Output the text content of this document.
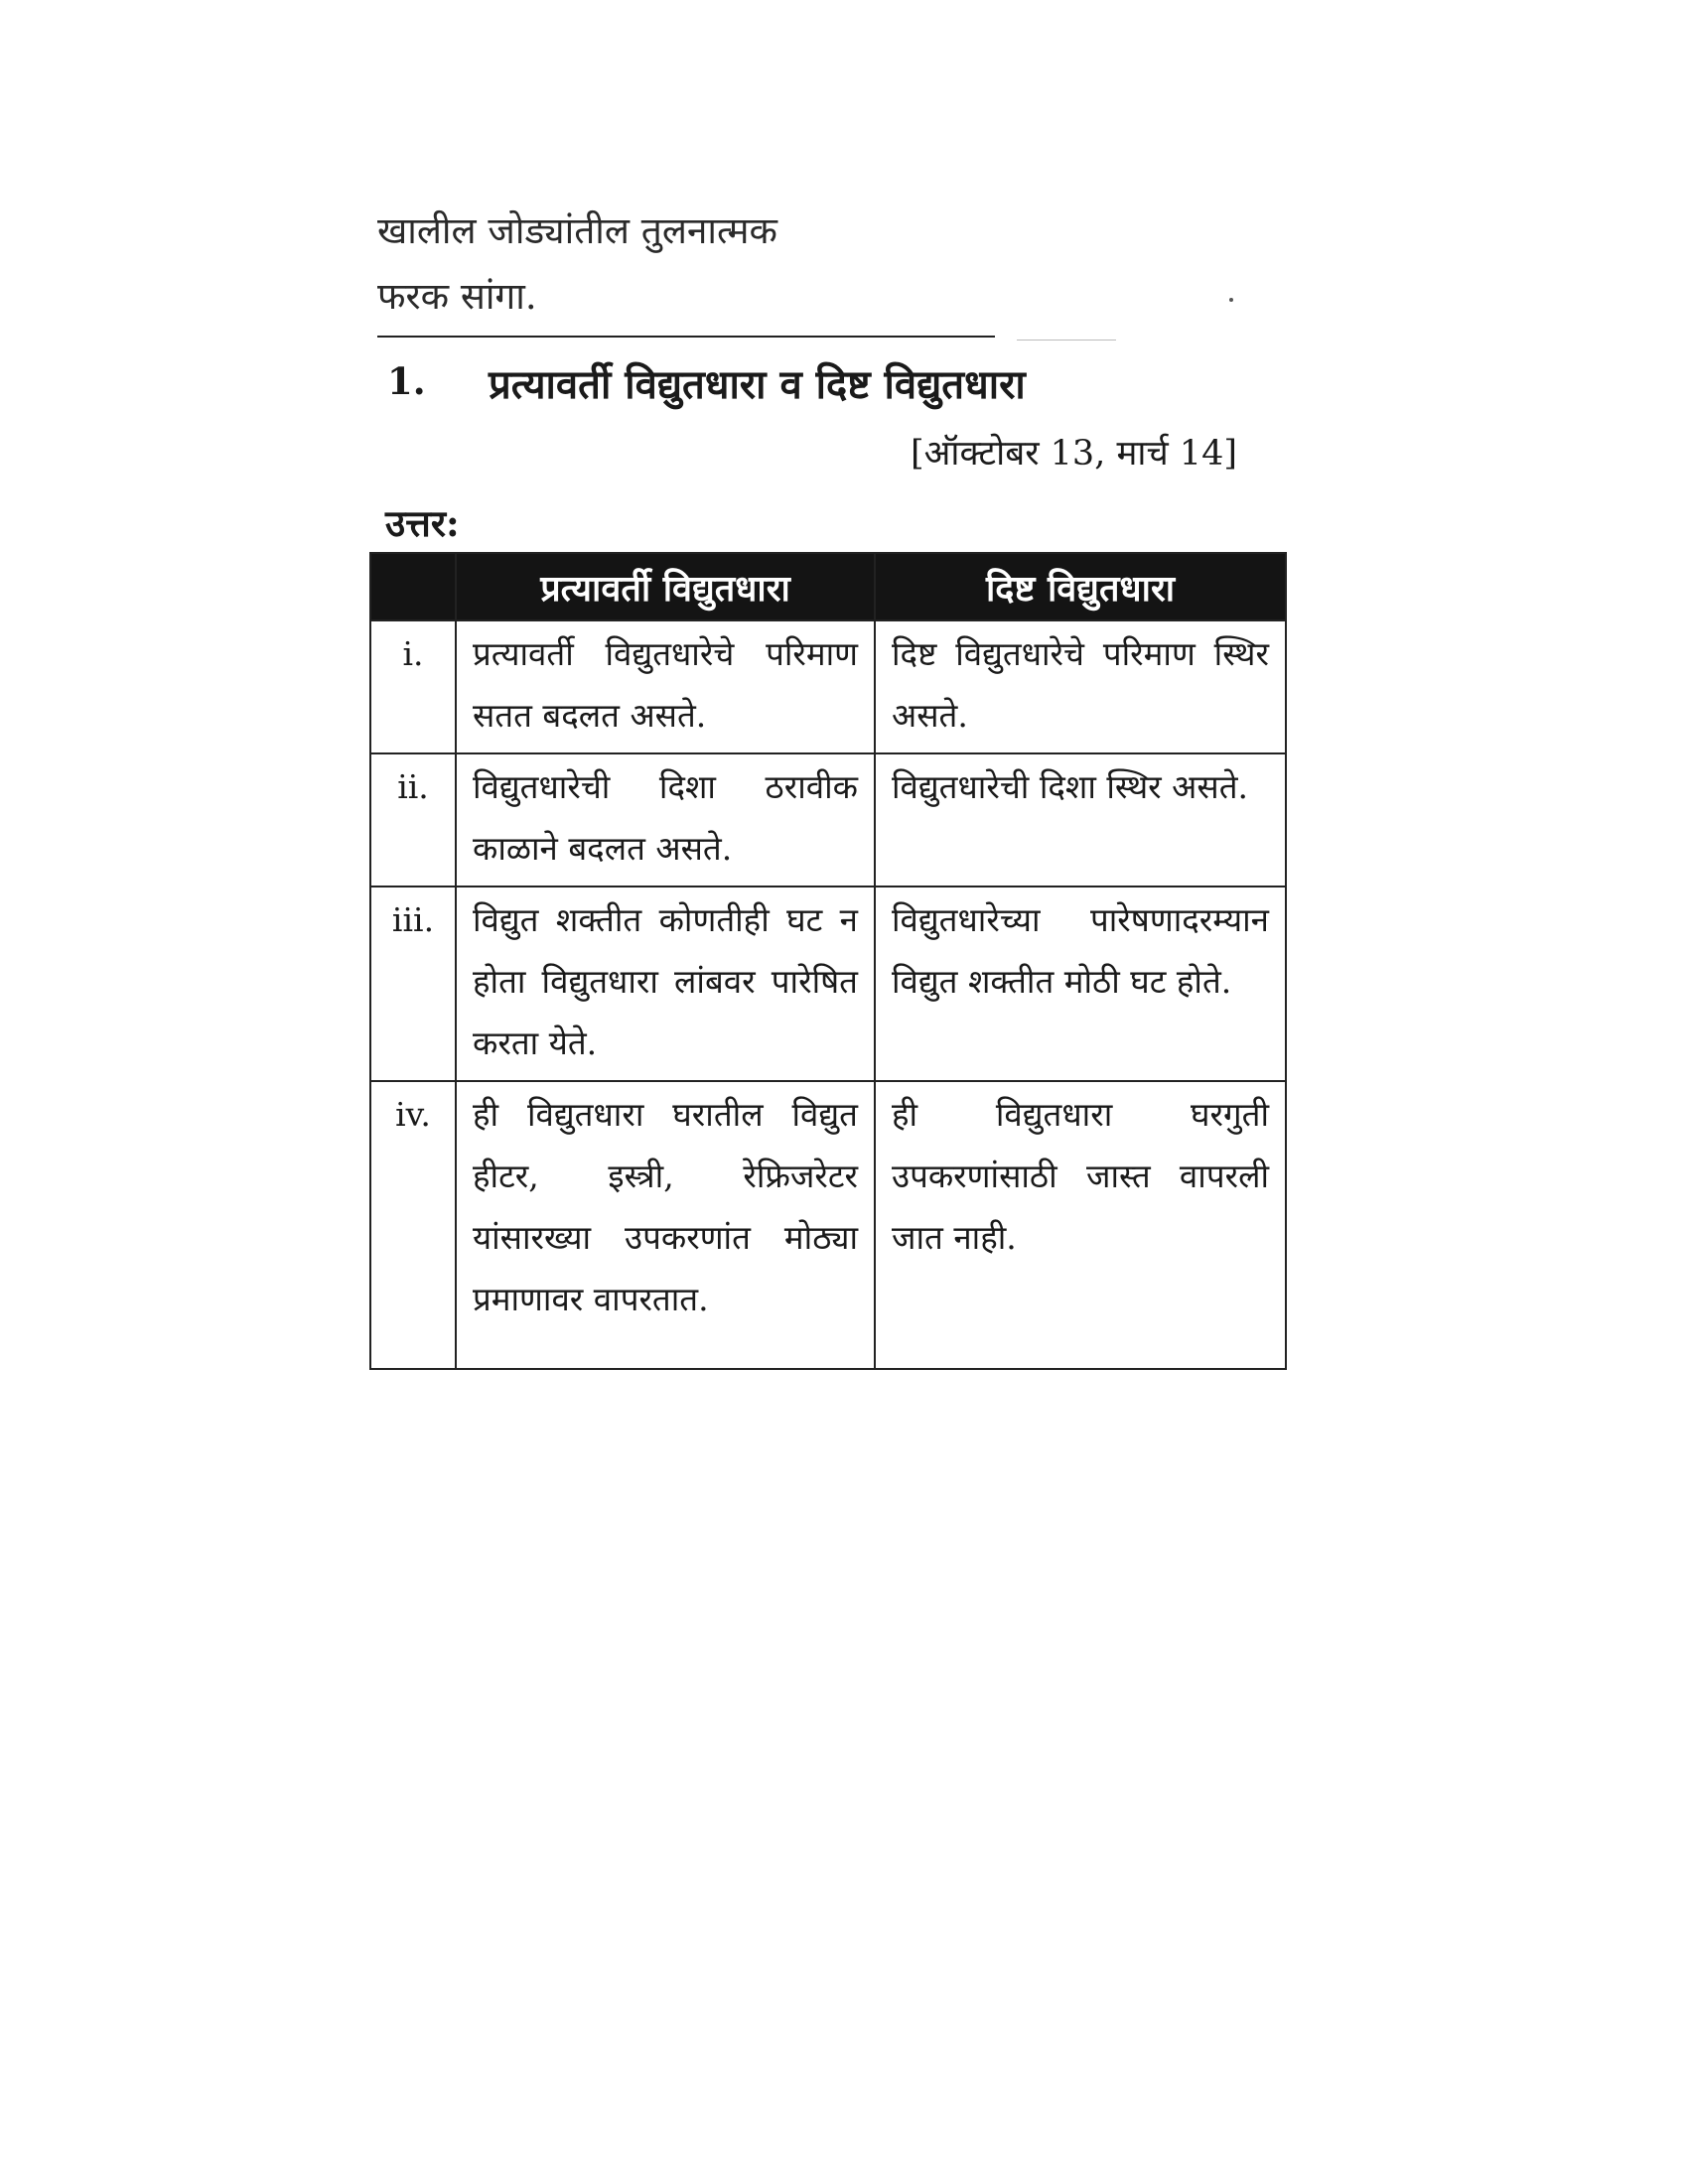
खालील जोड्यांतील तुलनात्मक
फरक सांगा.
1. प्रत्यावर्ती विद्युतधारा व दिष्ट विद्युतधारा
[ऑक्टोबर 13, मार्च 14]
उत्तर:
	प्रत्यावर्ती विद्युतधारा	दिष्ट विद्युतधारा
i.	प्रत्यावर्ती विद्युतधारेचे परिमाण सतत बदलत असते.	दिष्ट विद्युतधारेचे परिमाण स्थिर असते.
ii.	विद्युतधारेची दिशा ठरावीक काळाने बदलत असते.	विद्युतधारेची दिशा स्थिर असते.
iii.	विद्युत शक्तीत कोणतीही घट न होता विद्युतधारा लांबवर पारेषित करता येते.	विद्युतधारेच्या पारेषणादरम्यान विद्युत शक्तीत मोठी घट होते.
iv.	ही विद्युतधारा घरातील विद्युत हीटर, इस्त्री, रेफ्रिजरेटर यांसारख्या उपकरणांत मोठ्या प्रमाणावर वापरतात.	ही विद्युतधारा घरगुती उपकरणांसाठी जास्त वापरली जात नाही.
